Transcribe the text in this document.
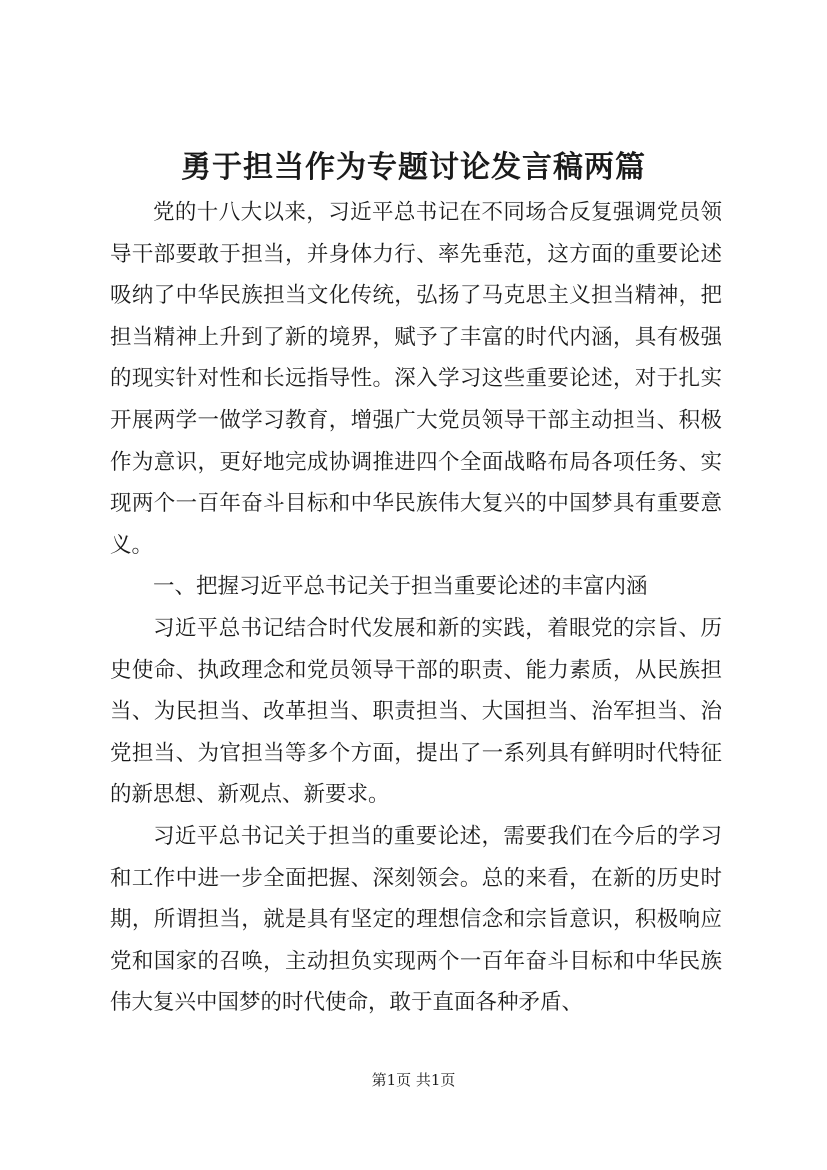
勇于担当作为专题讨论发言稿两篇

党的十八大以来，习近平总书记在不同场合反复强调党员领导干部要敢于担当，并身体力行、率先垂范，这方面的重要论述吸纳了中华民族担当文化传统，弘扬了马克思主义担当精神，把担当精神上升到了新的境界，赋予了丰富的时代内涵，具有极强的现实针对性和长远指导性。深入学习这些重要论述，对于扎实开展两学一做学习教育，增强广大党员领导干部主动担当、积极作为意识，更好地完成协调推进四个全面战略布局各项任务、实现两个一百年奋斗目标和中华民族伟大复兴的中国梦具有重要意义。

一、把握习近平总书记关于担当重要论述的丰富内涵

习近平总书记结合时代发展和新的实践，着眼党的宗旨、历史使命、执政理念和党员领导干部的职责、能力素质，从民族担当、为民担当、改革担当、职责担当、大国担当、治军担当、治党担当、为官担当等多个方面，提出了一系列具有鲜明时代特征的新思想、新观点、新要求。

习近平总书记关于担当的重要论述，需要我们在今后的学习和工作中进一步全面把握、深刻领会。总的来看，在新的历史时期，所谓担当，就是具有坚定的理想信念和宗旨意识，积极响应党和国家的召唤，主动担负实现两个一百年奋斗目标和中华民族伟大复兴中国梦的时代使命，敢于直面各种矛盾、

第1页 共1页
